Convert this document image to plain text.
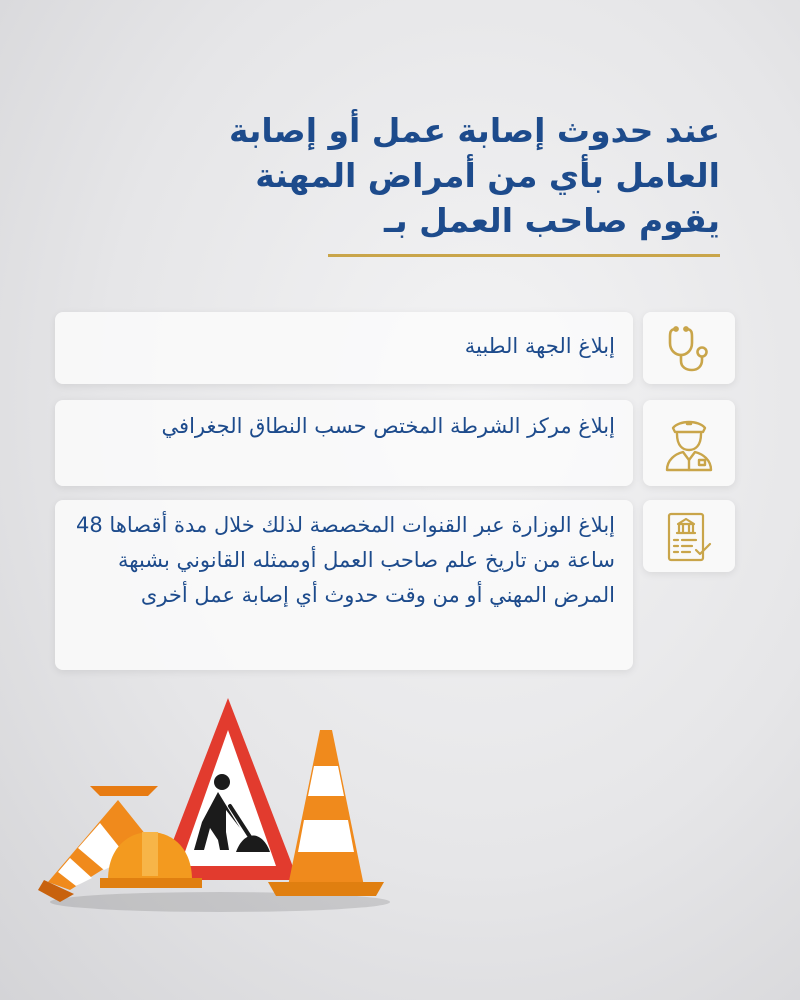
عند حدوث إصابة عمل أو إصابة
العامل بأي من أمراض المهنة
يقوم صاحب العمل بـ
إبلاغ الجهة الطبية
إبلاغ مركز الشرطة المختص حسب النطاق الجغرافي
إبلاغ الوزارة عبر القنوات المخصصة لذلك خلال مدة أقصاها 48 ساعة من تاريخ علم صاحب العمل أوممثله القانوني بشبهة المرض المهني أو من وقت حدوث أي إصابة عمل أخرى
